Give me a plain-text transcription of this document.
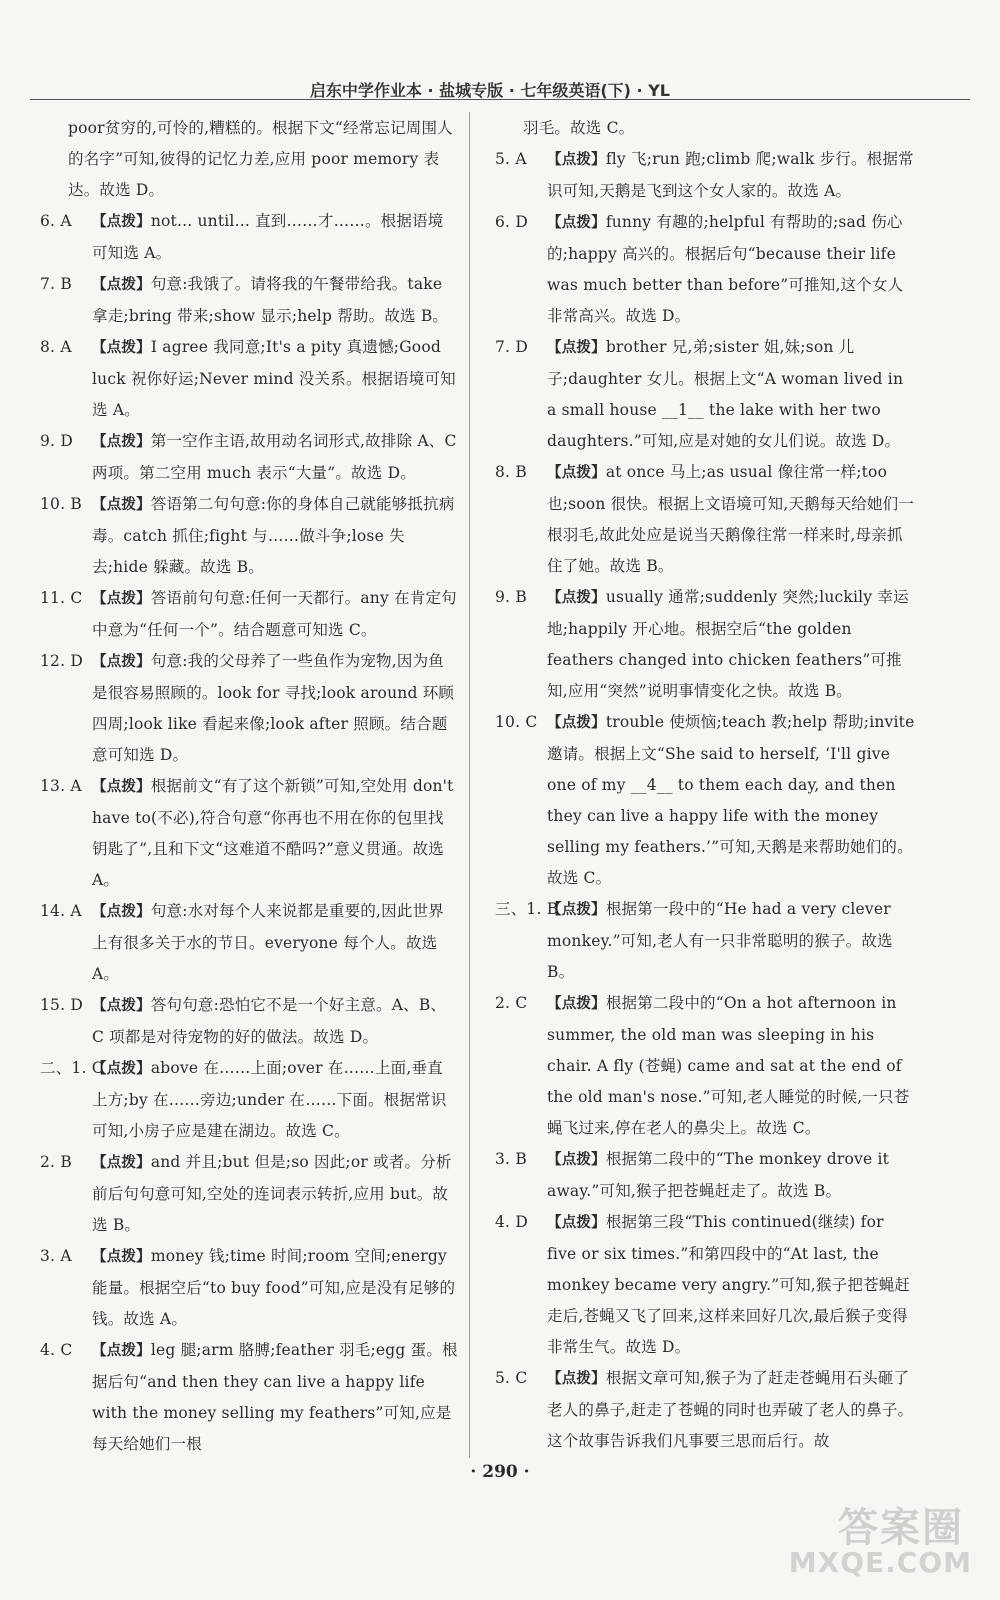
启东中学作业本 · 盐城专版 · 七年级英语(下) · YL
poor贫穷的,可怜的,糟糕的。根据下文“经常忘记周围人的名字”可知,彼得的记忆力差,应用 poor memory 表达。故选 D。
6. A 【点拨】not... until... 直到……才……。根据语境可知选 A。
7. B 【点拨】句意:我饿了。请将我的午餐带给我。take 拿走;bring 带来;show 显示;help 帮助。故选 B。
8. A 【点拨】I agree 我同意;It's a pity 真遗憾;Good luck 祝你好运;Never mind 没关系。根据语境可知选 A。
9. D 【点拨】第一空作主语,故用动名词形式,故排除 A、C 两项。第二空用 much 表示“大量”。故选 D。
10. B 【点拨】答语第二句句意:你的身体自己就能够抵抗病毒。catch 抓住;fight 与……做斗争;lose 失去;hide 躲藏。故选 B。
11. C 【点拨】答语前句句意:任何一天都行。any 在肯定句中意为“任何一个”。结合题意可知选 C。
12. D 【点拨】句意:我的父母养了一些鱼作为宠物,因为鱼是很容易照顾的。look for 寻找;look around 环顾四周;look like 看起来像;look after 照顾。结合题意可知选 D。
13. A 【点拨】根据前文“有了这个新锁”可知,空处用 don't have to(不必),符合句意“你再也不用在你的包里找钥匙了”,且和下文“这难道不酷吗?”意义贯通。故选 A。
14. A 【点拨】句意:水对每个人来说都是重要的,因此世界上有很多关于水的节日。everyone 每个人。故选 A。
15. D 【点拨】答句句意:恐怕它不是一个好主意。A、B、C 项都是对待宠物的好的做法。故选 D。
二、1. C
【点拨】above 在……上面;over 在……上面,垂直上方;by 在……旁边;under 在……下面。根据常识可知,小房子应是建在湖边。故选 C。
2. B 【点拨】and 并且;but 但是;so 因此;or 或者。分析前后句句意可知,空处的连词表示转折,应用 but。故选 B。
3. A 【点拨】money 钱;time 时间;room 空间;energy 能量。根据空后“to buy food”可知,应是没有足够的钱。故选 A。
4. C 【点拨】leg 腿;arm 胳膊;feather 羽毛;egg 蛋。根据后句“and then they can live a happy life with the money selling my feathers”可知,应是每天给她们一根
羽毛。故选 C。
5. A 【点拨】fly 飞;run 跑;climb 爬;walk 步行。根据常识可知,天鹅是飞到这个女人家的。故选 A。
6. D 【点拨】funny 有趣的;helpful 有帮助的;sad 伤心的;happy 高兴的。根据后句“because their life was much better than before”可推知,这个女人非常高兴。故选 D。
7. D 【点拨】brother 兄,弟;sister 姐,妹;son 儿子;daughter 女儿。根据上文“A woman lived in a small house __1__ the lake with her two daughters.”可知,应是对她的女儿们说。故选 D。
8. B 【点拨】at once 马上;as usual 像往常一样;too 也;soon 很快。根据上文语境可知,天鹅每天给她们一根羽毛,故此处应是说当天鹅像往常一样来时,母亲抓住了她。故选 B。
9. B 【点拨】usually 通常;suddenly 突然;luckily 幸运地;happily 开心地。根据空后“the golden feathers changed into chicken feathers”可推知,应用“突然”说明事情变化之快。故选 B。
10. C 【点拨】trouble 使烦恼;teach 教;help 帮助;invite 邀请。根据上文“She said to herself, ‘I'll give one of my __4__ to them each day, and then they can live a happy life with the money selling my feathers.’”可知,天鹅是来帮助她们的。故选 C。
三、1. B
【点拨】根据第一段中的“He had a very clever monkey.”可知,老人有一只非常聪明的猴子。故选 B。
2. C 【点拨】根据第二段中的“On a hot afternoon in summer, the old man was sleeping in his chair. A fly (苍蝇) came and sat at the end of the old man's nose.”可知,老人睡觉的时候,一只苍蝇飞过来,停在老人的鼻尖上。故选 C。
3. B 【点拨】根据第二段中的“The monkey drove it away.”可知,猴子把苍蝇赶走了。故选 B。
4. D 【点拨】根据第三段“This continued(继续) for five or six times.”和第四段中的“At last, the monkey became very angry.”可知,猴子把苍蝇赶走后,苍蝇又飞了回来,这样来回好几次,最后猴子变得非常生气。故选 D。
5. C 【点拨】根据文章可知,猴子为了赶走苍蝇用石头砸了老人的鼻子,赶走了苍蝇的同时也弄破了老人的鼻子。这个故事告诉我们凡事要三思而后行。故
· 290 ·
答案圈
MXQE.COM
